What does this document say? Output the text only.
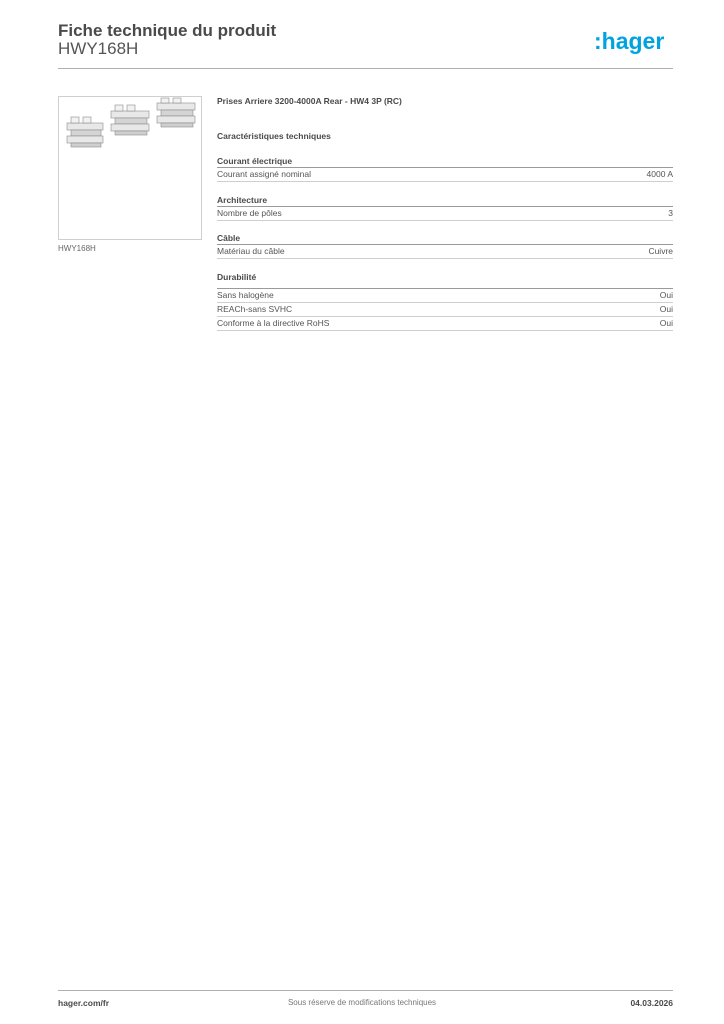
Fiche technique du produit
HWY168H	:hager
HWY168H
Prises Arriere 3200-4000A Rear - HW4 3P (RC)
Caractéristiques techniques
Courant électrique
Courant assigné nominal	4000 A
Architecture
Nombre de pôles	3
Câble
Matériau du câble	Cuivre
Durabilité
Sans halogène	Oui
REACh-sans SVHC	Oui
Conforme à la directive RoHS	Oui
hager.com/fr	Sous réserve de modifications techniques	04.03.2026
